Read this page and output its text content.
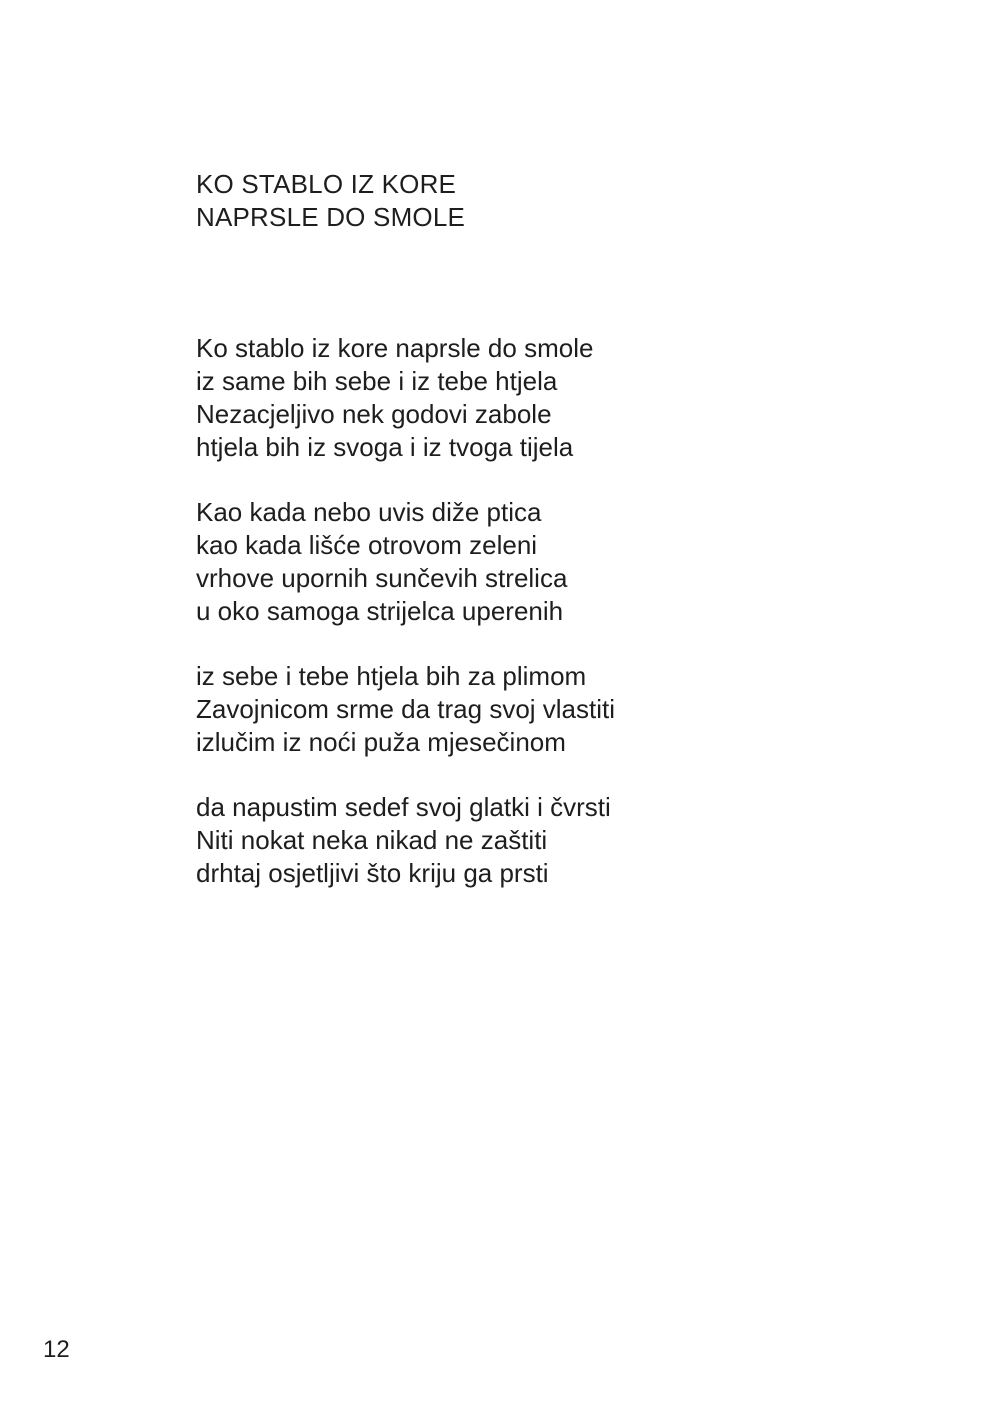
KO STABLO IZ KORE
NAPRSLE DO SMOLE
Ko stablo iz kore naprsle do smole
iz same bih sebe i iz tebe htjela
Nezacjeljivo nek godovi zabole
htjela bih iz svoga i iz tvoga tijela
Kao kada nebo uvis diže ptica
kao kada lišće otrovom zeleni
vrhove upornih sunčevih strelica
u oko samoga strijelca uperenih
iz sebe i tebe htjela bih za plimom
Zavojnicom srme da trag svoj vlastiti
izlučim iz noći puža mjesečinom
da napustim sedef svoj glatki i čvrsti
Niti nokat neka nikad ne zaštiti
drhtaj osjetljivi što kriju ga prsti
12
